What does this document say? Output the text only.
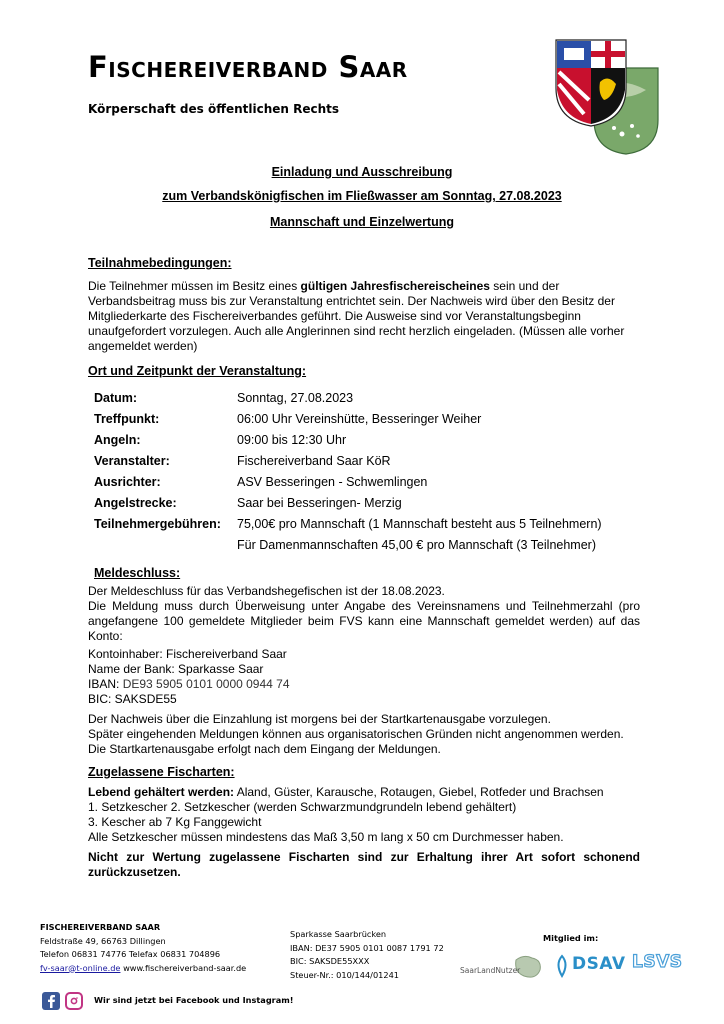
Fischereiverband Saar
Körperschaft des öffentlichen Rechts
Einladung und Ausschreibung
zum Verbandskönigfischen im Fließwasser am Sonntag, 27.08.2023
Mannschaft und Einzelwertung
Teilnahmebedingungen:
Die Teilnehmer müssen im Besitz eines gültigen Jahresfischereischeines sein und der Verbandsbeitrag muss bis zur Veranstaltung entrichtet sein. Der Nachweis wird über den Besitz der Mitgliederkarte des Fischereiverbandes geführt. Die Ausweise sind vor Veranstaltungsbeginn unaufgefordert vorzulegen. Auch alle Anglerinnen sind recht herzlich eingeladen. (Müssen alle vorher angemeldet werden)
Ort und Zeitpunkt der Veranstaltung:
Datum:	Sonntag, 27.08.2023
Treffpunkt:	06:00 Uhr Vereinshütte, Besseringer Weiher
Angeln:	09:00 bis 12:30 Uhr
Veranstalter:	Fischereiverband Saar KöR
Ausrichter:	ASV Besseringen - Schwemlingen
Angelstrecke:	Saar bei Besseringen- Merzig
Teilnehmergebühren: 75,00€ pro Mannschaft (1 Mannschaft besteht aus 5 Teilnehmern)
Für Damenmannschaften 45,00 € pro Mannschaft (3 Teilnehmer)
Meldeschluss:
Der Meldeschluss für das Verbandshegefischen ist der 18.08.2023.
Die Meldung muss durch Überweisung unter Angabe des Vereinsnamens und Teilnehmerzahl (pro angefangene 100 gemeldete Mitglieder beim FVS kann eine Mannschaft gemeldet werden) auf das Konto:
Kontoinhaber: Fischereiverband Saar
Name der Bank: Sparkasse Saar
IBAN: DE93 5905 0101 0000 0944 74
BIC: SAKSDE55
Der Nachweis über die Einzahlung ist morgens bei der Startkartenausgabe vorzulegen.
Später eingehenden Meldungen können aus organisatorischen Gründen nicht angenommen werden.
Die Startkartenausgabe erfolgt nach dem Eingang der Meldungen.
Zugelassene Fischarten:
Lebend gehältert werden: Aland, Güster, Karausche, Rotaugen, Giebel, Rotfeder und Brachsen
1. Setzkescher 2. Setzkescher (werden Schwarzmundgrundeln lebend gehältert)
3. Kescher ab 7 Kg Fanggewicht
Alle Setzkescher müssen mindestens das Maß 3,50 m lang x 50 cm Durchmesser haben.
Nicht zur Wertung zugelassene Fischarten sind zur Erhaltung ihrer Art sofort schonend zurückzusetzen.
FISCHEREIVERBAND SAAR
Feldstraße 49, 66763 Dillingen
Telefon 06831 74776 Telefax 06831 704896
fv-saar@t-online.de www.fischereiverband-saar.de
Sparkasse Saarbrücken
IBAN: DE37 5905 0101 0087 1791 72
BIC: SAKSDE55XXX
Steuer-Nr.: 010/144/01241
Mitglied im:
SaarLandNutzer	DSAV LSVS
Wir sind jetzt bei Facebook und Instagram!
